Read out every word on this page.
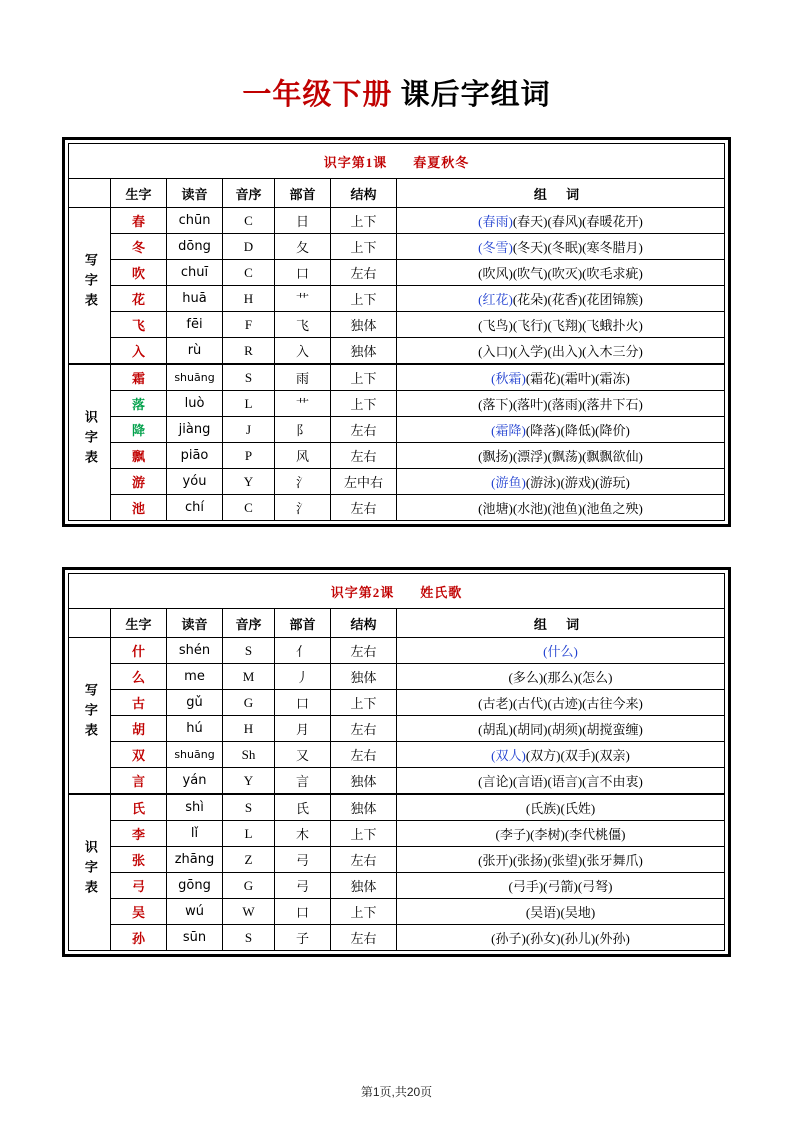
一年级下册 课后字组词
识字第1课 春夏秋冬						
	生字	读音	音序	部首	结构	组 词
写字表	春	chūn	C	日	上下	(春雨)(春天)(春风)(春暖花开)
	冬	dōng	D	夂	上下	(冬雪)(冬天)(冬眠)(寒冬腊月)
	吹	chuī	C	口	左右	(吹风)(吹气)(吹灭)(吹毛求疵)
	花	huā	H	艹	上下	(红花)(花朵)(花香)(花团锦簇)
	飞	fēi	F	飞	独体	(飞鸟)(飞行)(飞翔)(飞蛾扑火)
	入	rù	R	入	独体	(入口)(入学)(出入)(入木三分)
识字表	霜	shuāng	S	雨	上下	(秋霜)(霜花)(霜叶)(霜冻)
	落	luò	L	艹	上下	(落下)(落叶)(落雨)(落井下石)
	降	jiàng	J	阝	左右	(霜降)(降落)(降低)(降价)
	飘	piāo	P	风	左右	(飘扬)(漂浮)(飘荡)(飘飘欲仙)
	游	yóu	Y	氵	左中右	(游鱼)(游泳)(游戏)(游玩)
	池	chí	C	氵	左右	(池塘)(水池)(池鱼)(池鱼之殃)
识字第2课 姓氏歌						
	生字	读音	音序	部首	结构	组 词
写字表	什	shén	S	亻	左右	(什么)
	么	me	M	丿	独体	(多么)(那么)(怎么)
	古	gǔ	G	口	上下	(古老)(古代)(古迹)(古往今来)
	胡	hú	H	月	左右	(胡乱)(胡同)(胡须)(胡搅蛮缠)
	双	shuāng	Sh	又	左右	(双人)(双方)(双手)(双亲)
	言	yán	Y	言	独体	(言论)(言语)(语言)(言不由衷)
识字表	氏	shì	S	氏	独体	(氏族)(氏姓)
	李	lǐ	L	木	上下	(李子)(李树)(李代桃僵)
	张	zhāng	Z	弓	左右	(张开)(张扬)(张望)(张牙舞爪)
	弓	gōng	G	弓	独体	(弓手)(弓箭)(弓弩)
	吴	wú	W	口	上下	(吴语)(吴地)
	孙	sūn	S	子	左右	(孙子)(孙女)(孙儿)(外孙)
第1页,共20页
